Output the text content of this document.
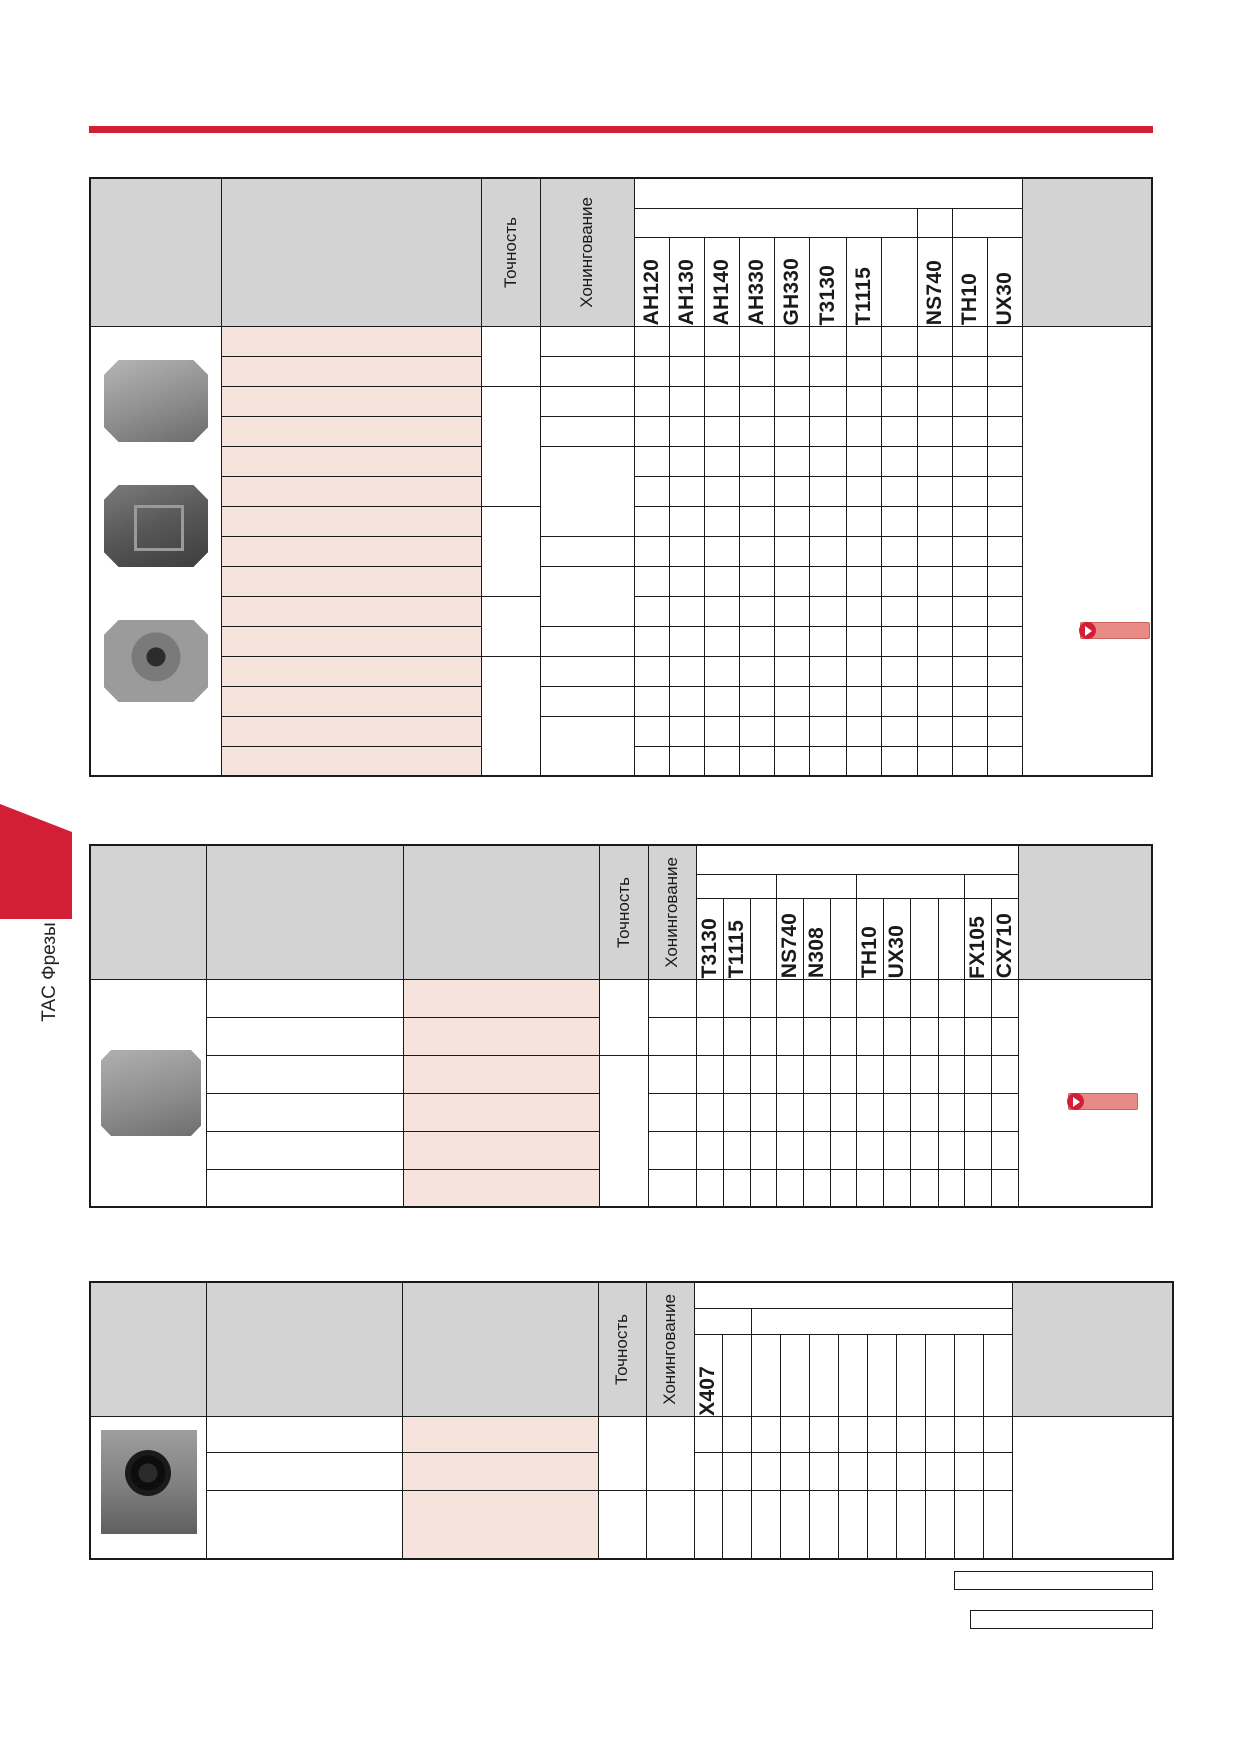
TAC Фрезы

		Точность	Хонингование												

				AH120	AH130	AH140	AH330	GH330	T3130	T1115		NS740	TH10	UX30	

			Точность	Хонингование													

					T3130	T1115		NS740	N308		TH10	UX30			FX105	CX710	

			Точность	Хонингование												

					X407											
